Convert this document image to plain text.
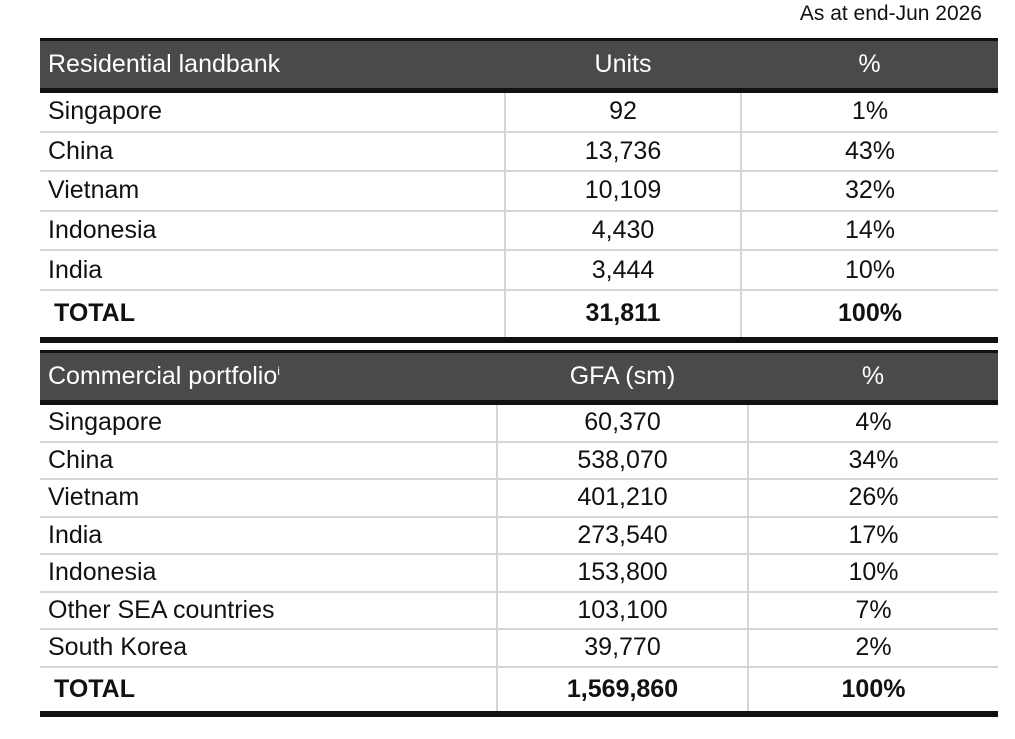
As at end-Jun 2026
Residential landbank	Units	%
Singapore	92	1%
China	13,736	43%
Vietnam	10,109	32%
Indonesia	4,430	14%
India	3,444	10%
TOTAL	31,811	100%
Commercial portfolio$^i$	GFA (sm)	%
Singapore	60,370	4%
China	538,070	34%
Vietnam	401,210	26%
India	273,540	17%
Indonesia	153,800	10%
Other SEA countries	103,100	7%
South Korea	39,770	2%
TOTAL	1,569,860	100%
